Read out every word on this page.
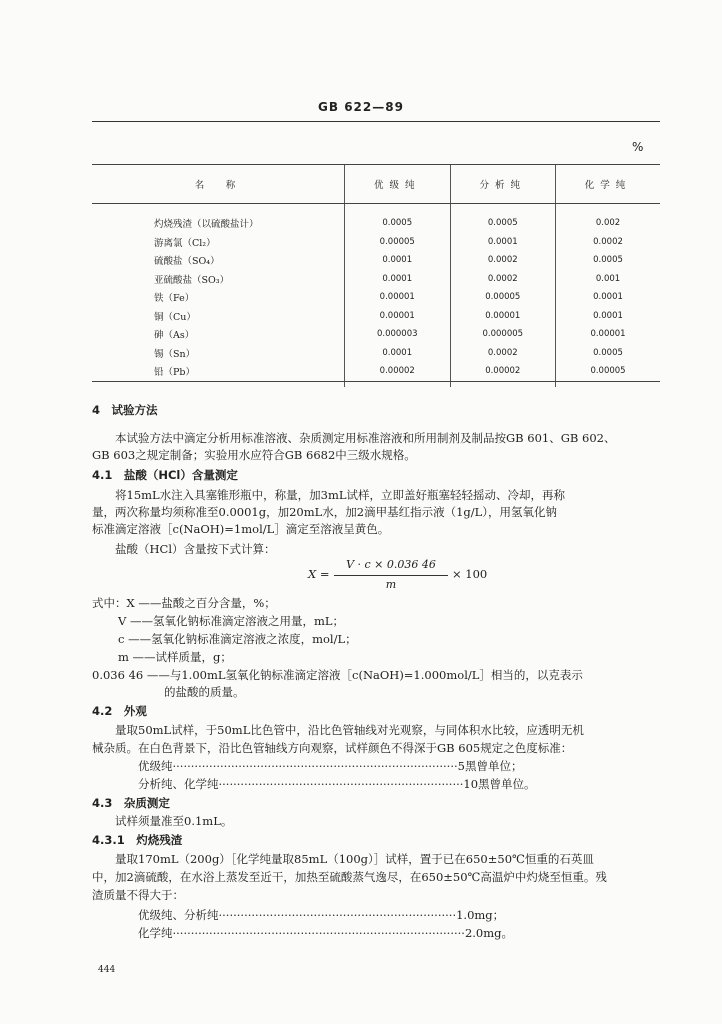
GB 622—89
%
名　称	优级纯	分析纯	化学纯
灼烧残渣（以硫酸盐计）	0.0005	0.0005	0.002
游离氯（Cl₂）	0.00005	0.0001	0.0002
硫酸盐（SO₄）	0.0001	0.0002	0.0005
亚硫酸盐（SO₃）	0.0001	0.0002	0.001
铁（Fe）	0.00001	0.00005	0.0001
铜（Cu）	0.00001	0.00001	0.0001
砷（As）	0.000003	0.000005	0.00001
锡（Sn）	0.0001	0.0002	0.0005
铅（Pb）	0.00002	0.00002	0.00005
4　试验方法
本试验方法中滴定分析用标准溶液、杂质测定用标准溶液和所用制剂及制品按GB 601、GB 602、
GB 603之规定制备；实验用水应符合GB 6682中三级水规格。
4.1　盐酸（HCl）含量测定
将15mL水注入具塞锥形瓶中，称量，加3mL试样，立即盖好瓶塞轻轻摇动、冷却，再称
量，两次称量均须称准至0.0001g，加20mL水，加2滴甲基红指示液（1g/L），用氢氧化钠
标准滴定溶液［c(NaOH)=1mol/L］滴定至溶液呈黄色。
盐酸（HCl）含量按下式计算：
X =
V · c × 0.036 46
m
× 100
式中：X ——盐酸之百分含量，%；
V ——氢氧化钠标准滴定溶液之用量，mL；
c ——氢氧化钠标准滴定溶液之浓度，mol/L；
m ——试样质量，g；
0.036 46 ——与1.00mL氢氧化钠标准滴定溶液［c(NaOH)=1.000mol/L］相当的，以克表示
的盐酸的质量。
4.2　外观
量取50mL试样，于50mL比色管中，沿比色管轴线对光观察，与同体积水比较，应透明无机
械杂质。在白色背景下，沿比色管轴线方向观察，试样颜色不得深于GB 605规定之色度标准：
优级纯··············································································5黑曾单位；
分析纯、化学纯···································································10黑曾单位。
4.3　杂质测定
试样须量准至0.1mL。
4.3.1　灼烧残渣
量取170mL（200g）［化学纯量取85mL（100g）］试样，置于已在650±50℃恒重的石英皿
中，加2滴硫酸，在水浴上蒸发至近干，加热至硫酸蒸气逸尽，在650±50℃高温炉中灼烧至恒重。残
渣质量不得大于：
优级纯、分析纯·································································1.0mg；
化学纯················································································2.0mg。
444
